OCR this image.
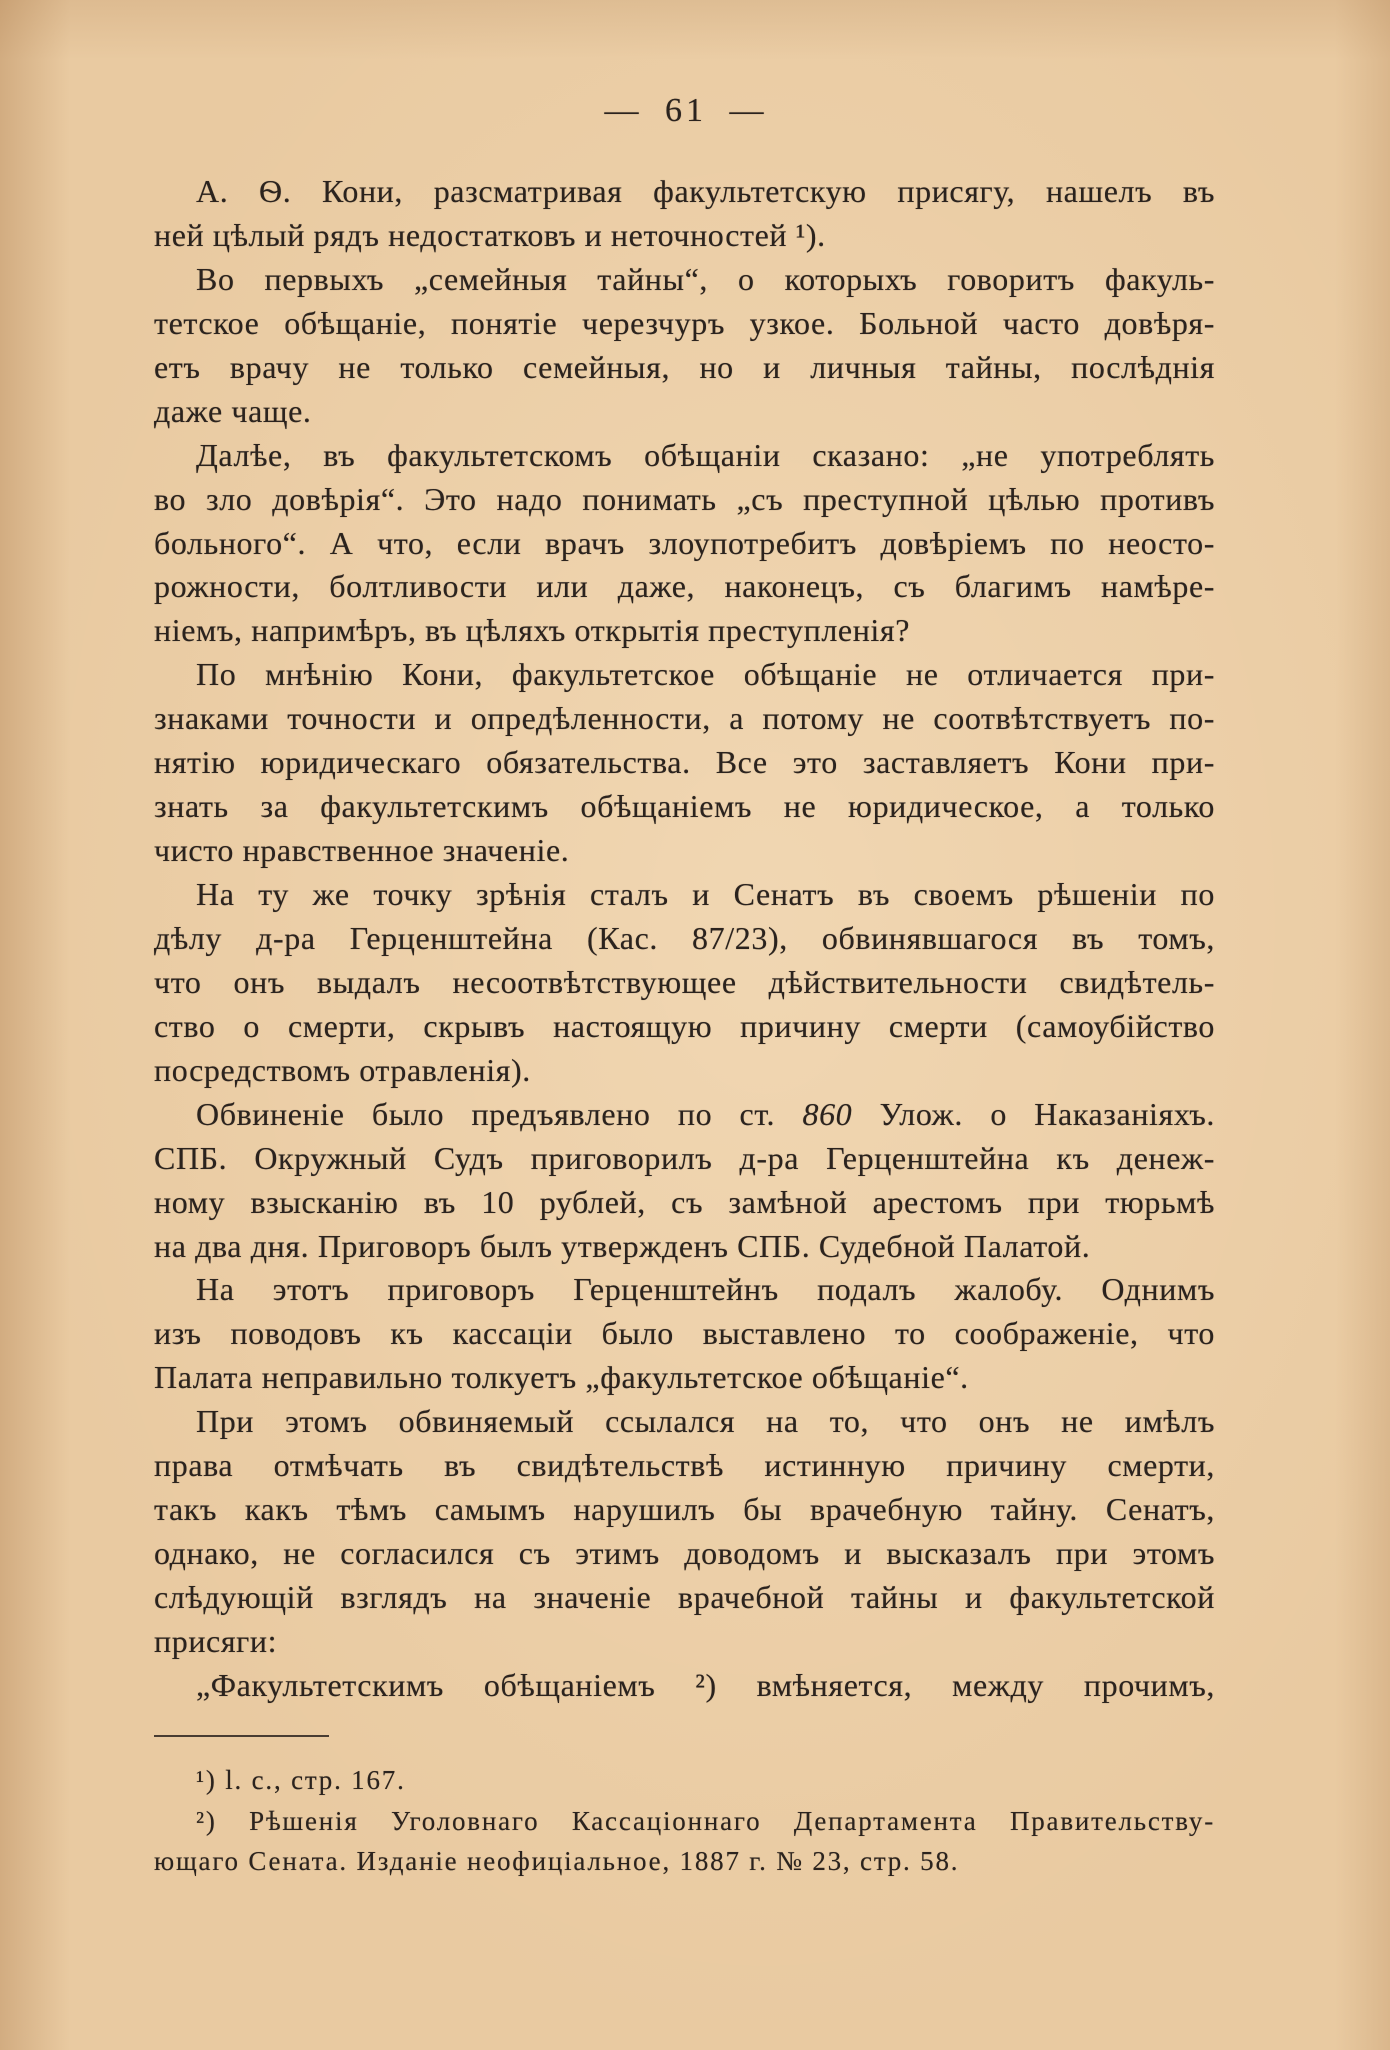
— 61 —
А. Ѳ. Кони, разсматривая факультетскую присягу, нашелъ въ
ней цѣлый рядъ недостатковъ и неточностей ¹).
Во первыхъ „семейныя тайны“, о которыхъ говоритъ факуль-
тетское обѣщаніе, понятіе черезчуръ узкое. Больной часто довѣря-
етъ врачу не только семейныя, но и личныя тайны, послѣднія
даже чаще.
Далѣе, въ факультетскомъ обѣщаніи сказано: „не употреблять
во зло довѣрія“. Это надо понимать „съ преступной цѣлью противъ
больного“. А что, если врачъ злоупотребитъ довѣріемъ по неосто-
рожности, болтливости или даже, наконецъ, съ благимъ намѣре-
ніемъ, напримѣръ, въ цѣляхъ открытія преступленія?
По мнѣнію Кони, факультетское обѣщаніе не отличается при-
знаками точности и опредѣленности, а потому не соотвѣтствуетъ по-
нятію юридическаго обязательства. Все это заставляетъ Кони при-
знать за факультетскимъ обѣщаніемъ не юридическое, а только
чисто нравственное значеніе.
На ту же точку зрѣнія сталъ и Сенатъ въ своемъ рѣшеніи по
дѣлу д-ра Герценштейна (Кас. 87/23), обвинявшагося въ томъ,
что онъ выдалъ несоотвѣтствующее дѣйствительности свидѣтель-
ство о смерти, скрывъ настоящую причину смерти (самоубійство
посредствомъ отравленія).
Обвиненіе было предъявлено по ст. 860 Улож. о Наказаніяхъ.
СПБ. Окружный Судъ приговорилъ д-ра Герценштейна къ денеж-
ному взысканію въ 10 рублей, съ замѣной арестомъ при тюрьмѣ
на два дня. Приговоръ былъ утвержденъ СПБ. Судебной Палатой.
На этотъ приговоръ Герценштейнъ подалъ жалобу. Однимъ
изъ поводовъ къ кассаціи было выставлено то соображеніе, что
Палата неправильно толкуетъ „факультетское обѣщаніе“.
При этомъ обвиняемый ссылался на то, что онъ не имѣлъ
права отмѣчать въ свидѣтельствѣ истинную причину смерти,
такъ какъ тѣмъ самымъ нарушилъ бы врачебную тайну. Сенатъ,
однако, не согласился съ этимъ доводомъ и высказалъ при этомъ
слѣдующій взглядъ на значеніе врачебной тайны и факультетской
присяги:
„Факультетскимъ обѣщаніемъ ²) вмѣняется, между прочимъ,
¹) l. c., стр. 167.
²) Рѣшенія Уголовнаго Кассаціоннаго Департамента Правительству-
ющаго Сената. Изданіе неофиціальное, 1887 г. № 23, стр. 58.
